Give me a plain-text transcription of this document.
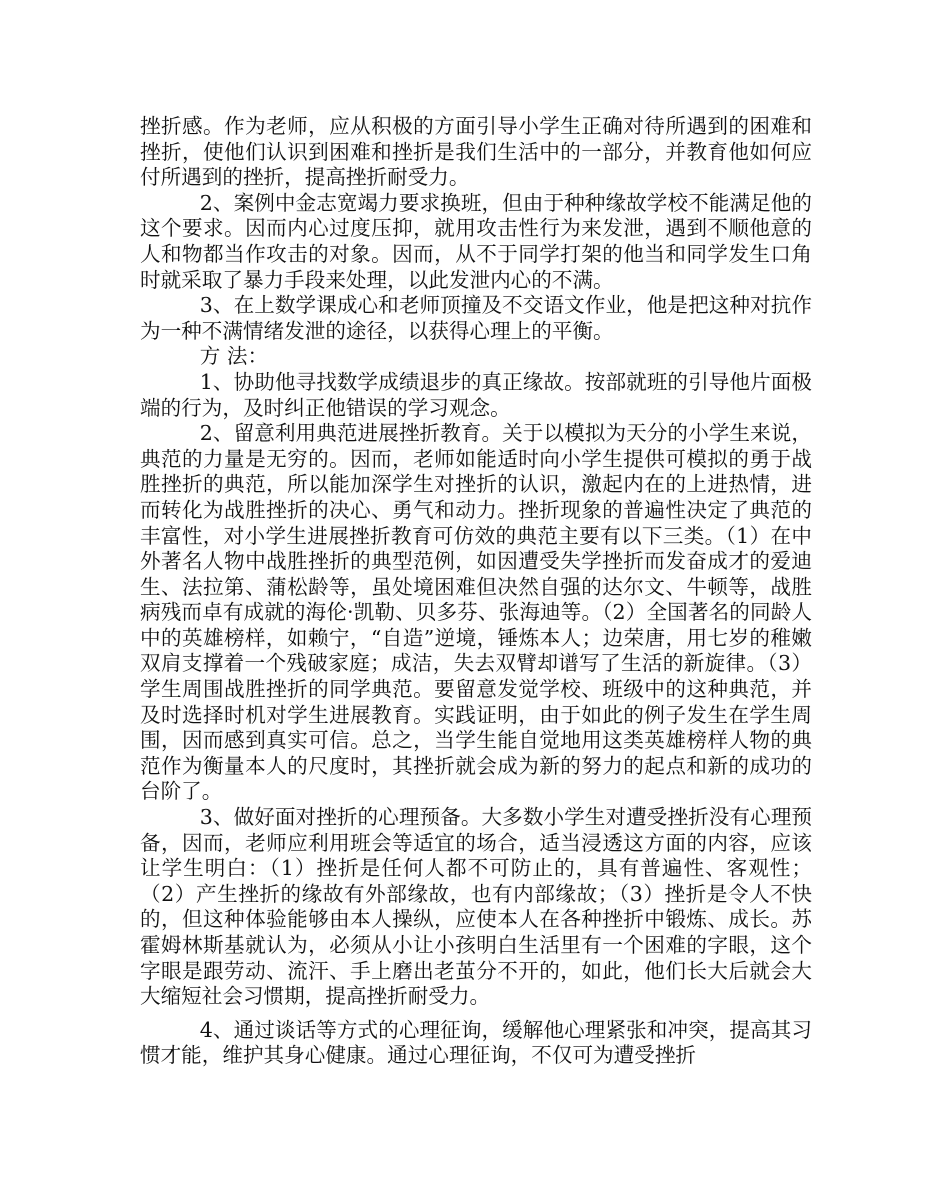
挫折感。作为老师，应从积极的方面引导小学生正确对待所遇到的困难和挫折，使他们认识到困难和挫折是我们生活中的一部分，并教育他如何应付所遇到的挫折，提高挫折耐受力。

2、案例中金志宽竭力要求换班，但由于种种缘故学校不能满足他的这个要求。因而内心过度压抑，就用攻击性行为来发泄，遇到不顺他意的人和物都当作攻击的对象。因而，从不于同学打架的他当和同学发生口角时就采取了暴力手段来处理，以此发泄内心的不满。

3、在上数学课成心和老师顶撞及不交语文作业，他是把这种对抗作为一种不满情绪发泄的途径，以获得心理上的平衡。

方 法：

1、协助他寻找数学成绩退步的真正缘故。按部就班的引导他片面极端的行为，及时纠正他错误的学习观念。

2、留意利用典范进展挫折教育。关于以模拟为天分的小学生来说，典范的力量是无穷的。因而，老师如能适时向小学生提供可模拟的勇于战胜挫折的典范，所以能加深学生对挫折的认识，激起内在的上进热情，进而转化为战胜挫折的决心、勇气和动力。挫折现象的普遍性决定了典范的丰富性，对小学生进展挫折教育可仿效的典范主要有以下三类。（1）在中外著名人物中战胜挫折的典型范例，如因遭受失学挫折而发奋成才的爱迪生、法拉第、蒲松龄等，虽处境困难但决然自强的达尔文、牛顿等，战胜病残而卓有成就的海伦·凯勒、贝多芬、张海迪等。（2）全国著名的同龄人中的英雄榜样，如赖宁，“自造”逆境，锤炼本人；边荣唐，用七岁的稚嫩双肩支撑着一个残破家庭；成洁，失去双臂却谱写了生活的新旋律。（3）学生周围战胜挫折的同学典范。要留意发觉学校、班级中的这种典范，并及时选择时机对学生进展教育。实践证明，由于如此的例子发生在学生周围，因而感到真实可信。总之，当学生能自觉地用这类英雄榜样人物的典范作为衡量本人的尺度时，其挫折就会成为新的努力的起点和新的成功的台阶了。

3、做好面对挫折的心理预备。大多数小学生对遭受挫折没有心理预备，因而，老师应利用班会等适宜的场合，适当浸透这方面的内容，应该让学生明白：（1）挫折是任何人都不可防止的，具有普遍性、客观性；（2）产生挫折的缘故有外部缘故，也有内部缘故；（3）挫折是令人不快的，但这种体验能够由本人操纵，应使本人在各种挫折中锻炼、成长。苏霍姆林斯基就认为，必须从小让小孩明白生活里有一个困难的字眼，这个字眼是跟劳动、流汗、手上磨出老茧分不开的，如此，他们长大后就会大大缩短社会习惯期，提高挫折耐受力。

4、通过谈话等方式的心理征询，缓解他心理紧张和冲突，提高其习惯才能，维护其身心健康。通过心理征询，不仅可为遭受挫折
